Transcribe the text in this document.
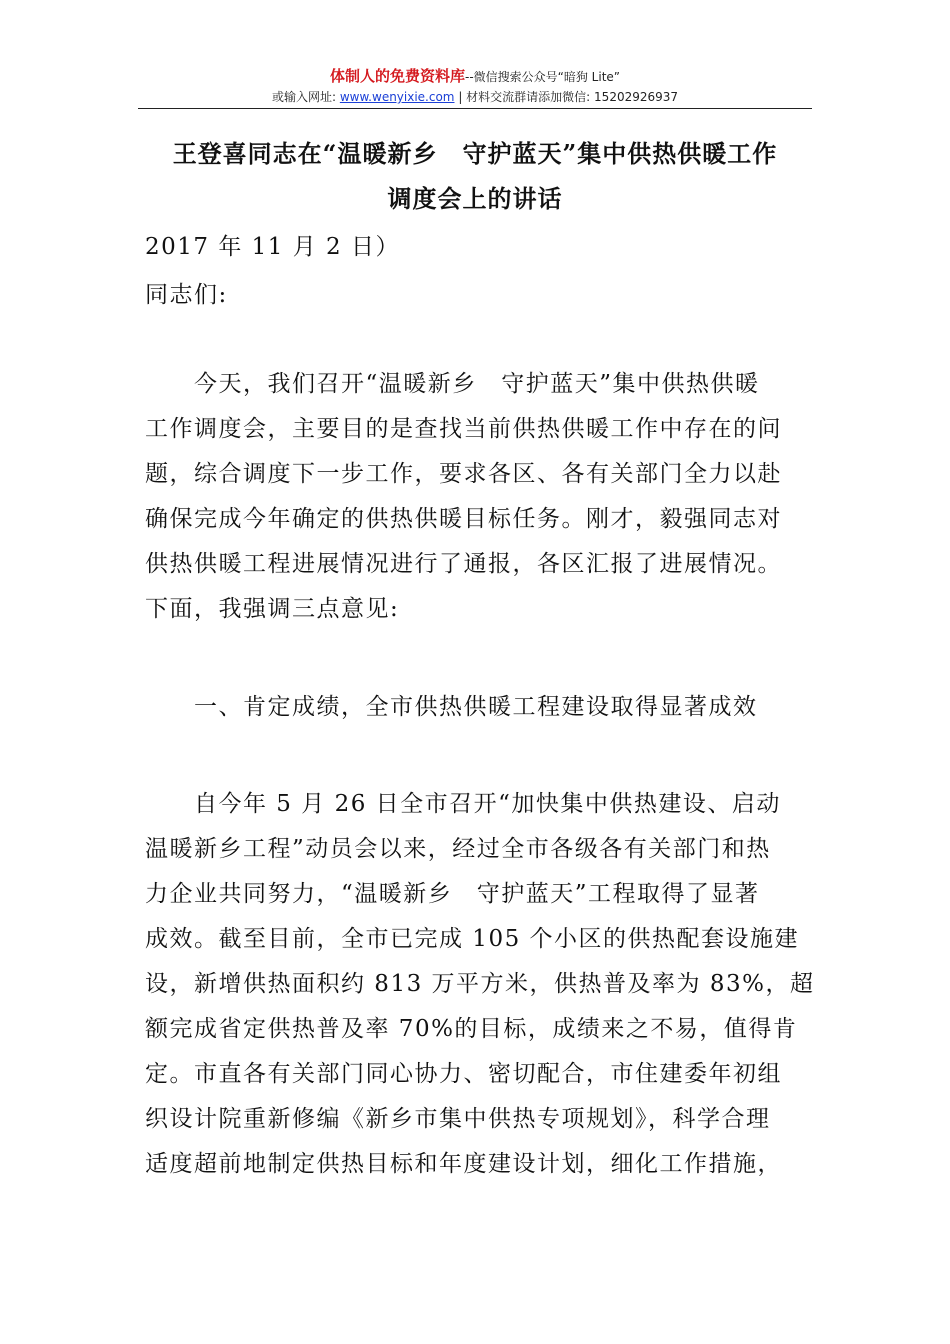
体制人的免费资料库--微信搜索公众号“暗狗 Lite”
或输入网址: www.wenyixie.com | 材料交流群请添加微信: 15202926937
王登喜同志在“温暖新乡　守护蓝天”集中供热供暖工作
调度会上的讲话
2017 年 11 月 2 日）
同志们:
　　今天，我们召开“温暖新乡　守护蓝天”集中供热供暖
工作调度会，主要目的是查找当前供热供暖工作中存在的问
题，综合调度下一步工作，要求各区、各有关部门全力以赴
确保完成今年确定的供热供暖目标任务。刚才，毅强同志对
供热供暖工程进展情况进行了通报，各区汇报了进展情况。
下面，我强调三点意见:
　　一、肯定成绩，全市供热供暖工程建设取得显著成效
　　自今年 5 月 26 日全市召开“加快集中供热建设、启动
温暖新乡工程”动员会以来，经过全市各级各有关部门和热
力企业共同努力，“温暖新乡　守护蓝天”工程取得了显著
成效。截至目前，全市已完成 105 个小区的供热配套设施建
设，新增供热面积约 813 万平方米，供热普及率为 83%，超
额完成省定供热普及率 70%的目标，成绩来之不易，值得肯
定。市直各有关部门同心协力、密切配合，市住建委年初组
织设计院重新修编《新乡市集中供热专项规划》，科学合理
适度超前地制定供热目标和年度建设计划，细化工作措施，
